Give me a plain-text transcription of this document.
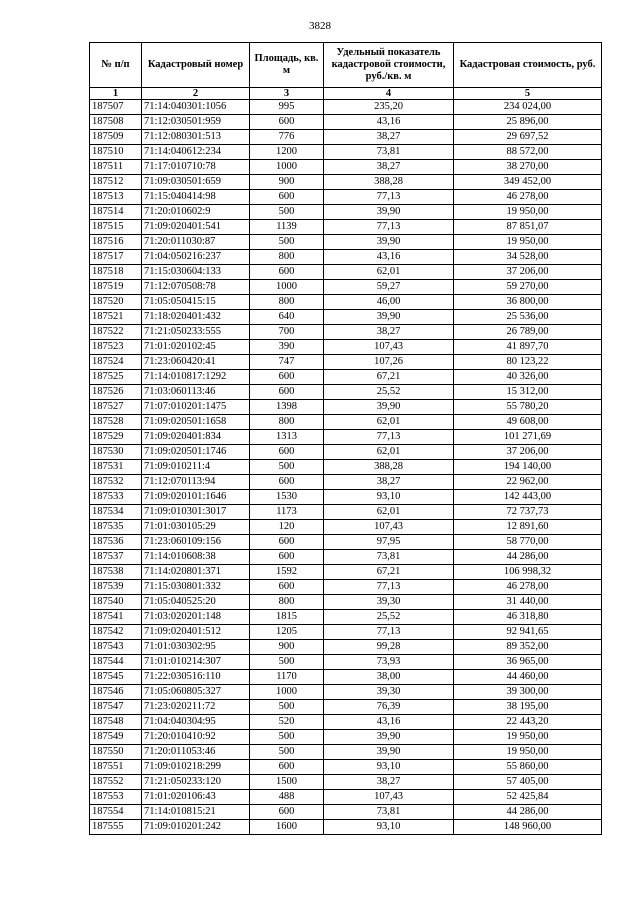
3828
№ п/п	Кадастровый номер	Площадь, кв. м	Удельный показатель кадастровой стоимости, руб./кв. м	Кадастровая стоимость, руб.
1	2	3	4	5
187507	71:14:040301:1056	995	235,20	234 024,00
187508	71:12:030501:959	600	43,16	25 896,00
187509	71:12:080301:513	776	38,27	29 697,52
187510	71:14:040612:234	1200	73,81	88 572,00
187511	71:17:010710:78	1000	38,27	38 270,00
187512	71:09:030501:659	900	388,28	349 452,00
187513	71:15:040414:98	600	77,13	46 278,00
187514	71:20:010602:9	500	39,90	19 950,00
187515	71:09:020401:541	1139	77,13	87 851,07
187516	71:20:011030:87	500	39,90	19 950,00
187517	71:04:050216:237	800	43,16	34 528,00
187518	71:15:030604:133	600	62,01	37 206,00
187519	71:12:070508:78	1000	59,27	59 270,00
187520	71:05:050415:15	800	46,00	36 800,00
187521	71:18:020401:432	640	39,90	25 536,00
187522	71:21:050233:555	700	38,27	26 789,00
187523	71:01:020102:45	390	107,43	41 897,70
187524	71:23:060420:41	747	107,26	80 123,22
187525	71:14:010817:1292	600	67,21	40 326,00
187526	71:03:060113:46	600	25,52	15 312,00
187527	71:07:010201:1475	1398	39,90	55 780,20
187528	71:09:020501:1658	800	62,01	49 608,00
187529	71:09:020401:834	1313	77,13	101 271,69
187530	71:09:020501:1746	600	62,01	37 206,00
187531	71:09:010211:4	500	388,28	194 140,00
187532	71:12:070113:94	600	38,27	22 962,00
187533	71:09:020101:1646	1530	93,10	142 443,00
187534	71:09:010301:3017	1173	62,01	72 737,73
187535	71:01:030105:29	120	107,43	12 891,60
187536	71:23:060109:156	600	97,95	58 770,00
187537	71:14:010608:38	600	73,81	44 286,00
187538	71:14:020801:371	1592	67,21	106 998,32
187539	71:15:030801:332	600	77,13	46 278,00
187540	71:05:040525:20	800	39,30	31 440,00
187541	71:03:020201:148	1815	25,52	46 318,80
187542	71:09:020401:512	1205	77,13	92 941,65
187543	71:01:030302:95	900	99,28	89 352,00
187544	71:01:010214:307	500	73,93	36 965,00
187545	71:22:030516:110	1170	38,00	44 460,00
187546	71:05:060805:327	1000	39,30	39 300,00
187547	71:23:020211:72	500	76,39	38 195,00
187548	71:04:040304:95	520	43,16	22 443,20
187549	71:20:010410:92	500	39,90	19 950,00
187550	71:20:011053:46	500	39,90	19 950,00
187551	71:09:010218:299	600	93,10	55 860,00
187552	71:21:050233:120	1500	38,27	57 405,00
187553	71:01:020106:43	488	107,43	52 425,84
187554	71:14:010815:21	600	73,81	44 286,00
187555	71:09:010201:242	1600	93,10	148 960,00
